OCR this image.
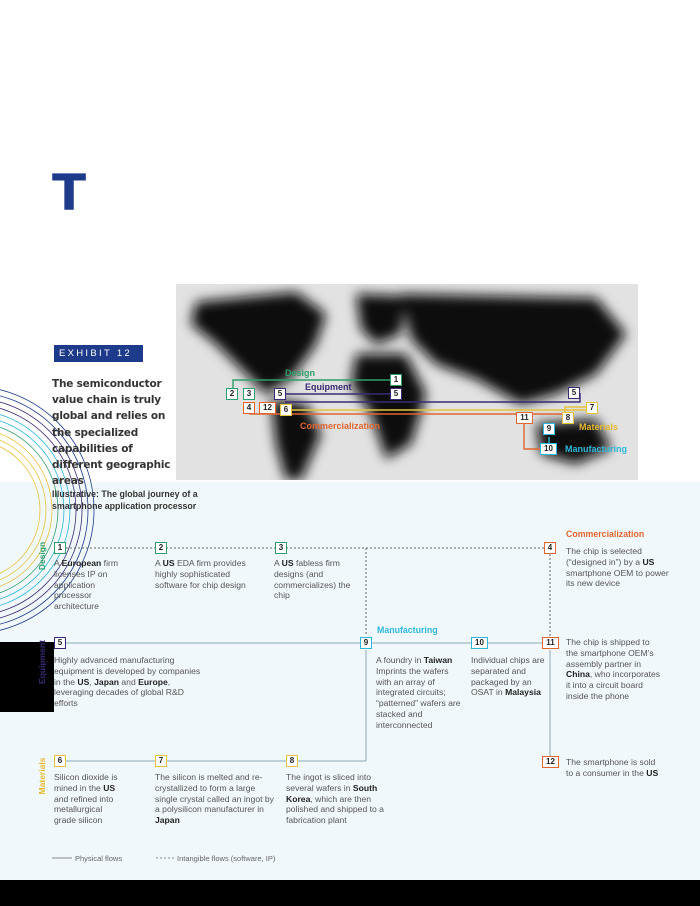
T
Design
Equipment
Commercialization	Materials
Manufacturing
1
2	3	5	5	5
4	12	6	7
8
11
9
10
EXHIBIT 12
The semiconductor value chain is truly global and relies on the specialized capabilities of different geographic areas
Illustrative: The global journey of a smartphone application processor
Design
Equipment
Materials
Commercialization
Manufacturing
1	2	3	4
5	9	10	11
6	7	8	12
A European firm licenses IP on application processor architecture
A US EDA firm provides highly sophisticated software for chip design
A US fabless firm designs (and commercializes) the chip
The chip is selected (“designed in”) by a US smartphone OEM to power its new device
Highly advanced manufacturing equipment is developed by companies in the US, Japan and Europe, leveraging decades of global R&D efforts
A foundry in Taiwan Imprints the wafers with an array of integrated circuits; “patterned” wafers are stacked and interconnected
Individual chips are separated and packaged by an OSAT in Malaysia
The chip is shipped to the smartphone OEM’s assembly partner in China, who incorporates it into a circuit board inside the phone
The smartphone is sold to a consumer in the US
Silicon dioxide is mined in the US and refined into metallurgical grade silicon
The silicon is melted and re-crystallized to form a large single crystal called an ingot by a polysilicon manufacturer in Japan
The ingot is sliced into several wafers in South Korea, which are then polished and shipped to a fabrication plant
Physical flows	Intangible flows (software, IP)
